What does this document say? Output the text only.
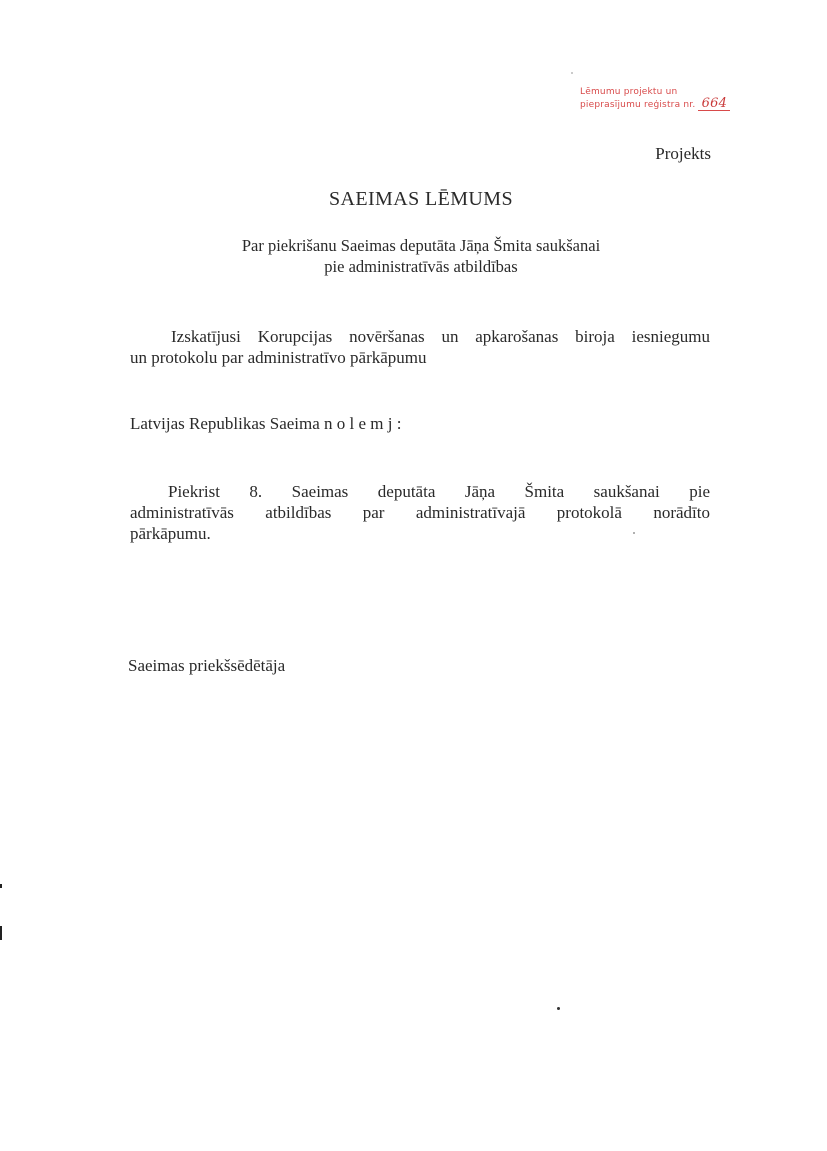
Lēmumu projektu un
pieprasījumu reģistra nr. 664
Projekts
SAEIMAS LĒMUMS
Par piekrišanu Saeimas deputāta Jāņa Šmita saukšanai
pie administratīvās atbildības
Izskatījusi Korupcijas novēršanas un apkarošanas biroja iesniegumu
un protokolu par administratīvo pārkāpumu
Latvijas Republikas Saeima n o l e m j :
Piekrist 8. Saeimas deputāta Jāņa Šmita saukšanai pie
administratīvās atbildības par administratīvajā protokolā norādīto
pārkāpumu.
Saeimas priekšsēdētāja
